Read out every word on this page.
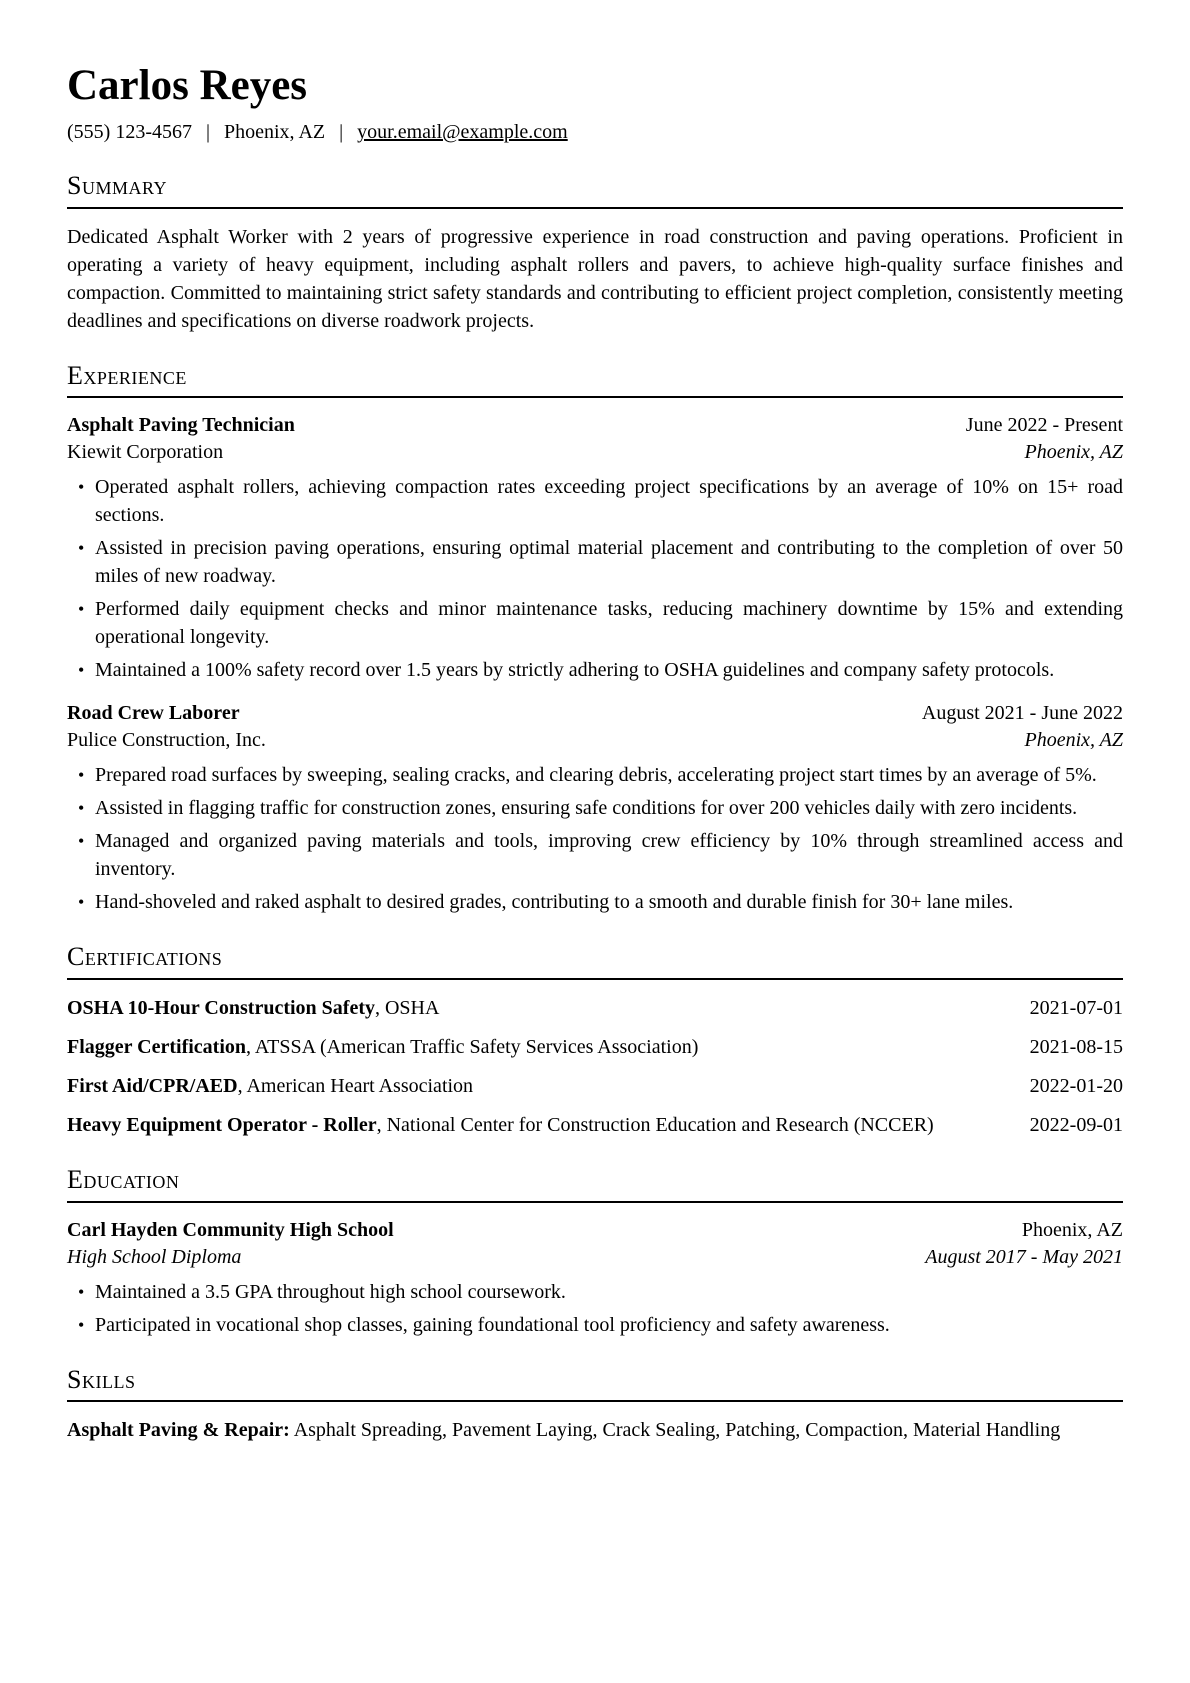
Carlos Reyes
(555) 123-4567 | Phoenix, AZ | your.email@example.com
Summary

Dedicated Asphalt Worker with 2 years of progressive experience in road construction and paving operations. Proficient in operating a variety of heavy equipment, including asphalt rollers and pavers, to achieve high-quality surface finishes and compaction. Committed to maintaining strict safety standards and contributing to efficient project completion, consistently meeting deadlines and specifications on diverse roadwork projects.

Experience
Asphalt Paving Technician	June 2022 - Present
Kiewit Corporation	Phoenix, AZ
• Operated asphalt rollers, achieving compaction rates exceeding project specifications by an average of 10% on 15+ road sections.
• Assisted in precision paving operations, ensuring optimal material placement and contributing to the completion of over 50 miles of new roadway.
• Performed daily equipment checks and minor maintenance tasks, reducing machinery downtime by 15% and extending operational longevity.
• Maintained a 100% safety record over 1.5 years by strictly adhering to OSHA guidelines and company safety protocols.
Road Crew Laborer	August 2021 - June 2022
Pulice Construction, Inc.	Phoenix, AZ
• Prepared road surfaces by sweeping, sealing cracks, and clearing debris, accelerating project start times by an average of 5%.
• Assisted in flagging traffic for construction zones, ensuring safe conditions for over 200 vehicles daily with zero incidents.
• Managed and organized paving materials and tools, improving crew efficiency by 10% through streamlined access and inventory.
• Hand-shoveled and raked asphalt to desired grades, contributing to a smooth and durable finish for 30+ lane miles.
Certifications
OSHA 10-Hour Construction Safety, OSHA	2021-07-01
Flagger Certification, ATSSA (American Traffic Safety Services Association)	2021-08-15
First Aid/CPR/AED, American Heart Association	2022-01-20
Heavy Equipment Operator - Roller, National Center for Construction Education and Research (NCCER)	2022-09-01
Education
Carl Hayden Community High School	Phoenix, AZ
High School Diploma	August 2017 - May 2021
• Maintained a 3.5 GPA throughout high school coursework.
• Participated in vocational shop classes, gaining foundational tool proficiency and safety awareness.
Skills

Asphalt Paving & Repair: Asphalt Spreading, Pavement Laying, Crack Sealing, Patching, Compaction, Material Handling
